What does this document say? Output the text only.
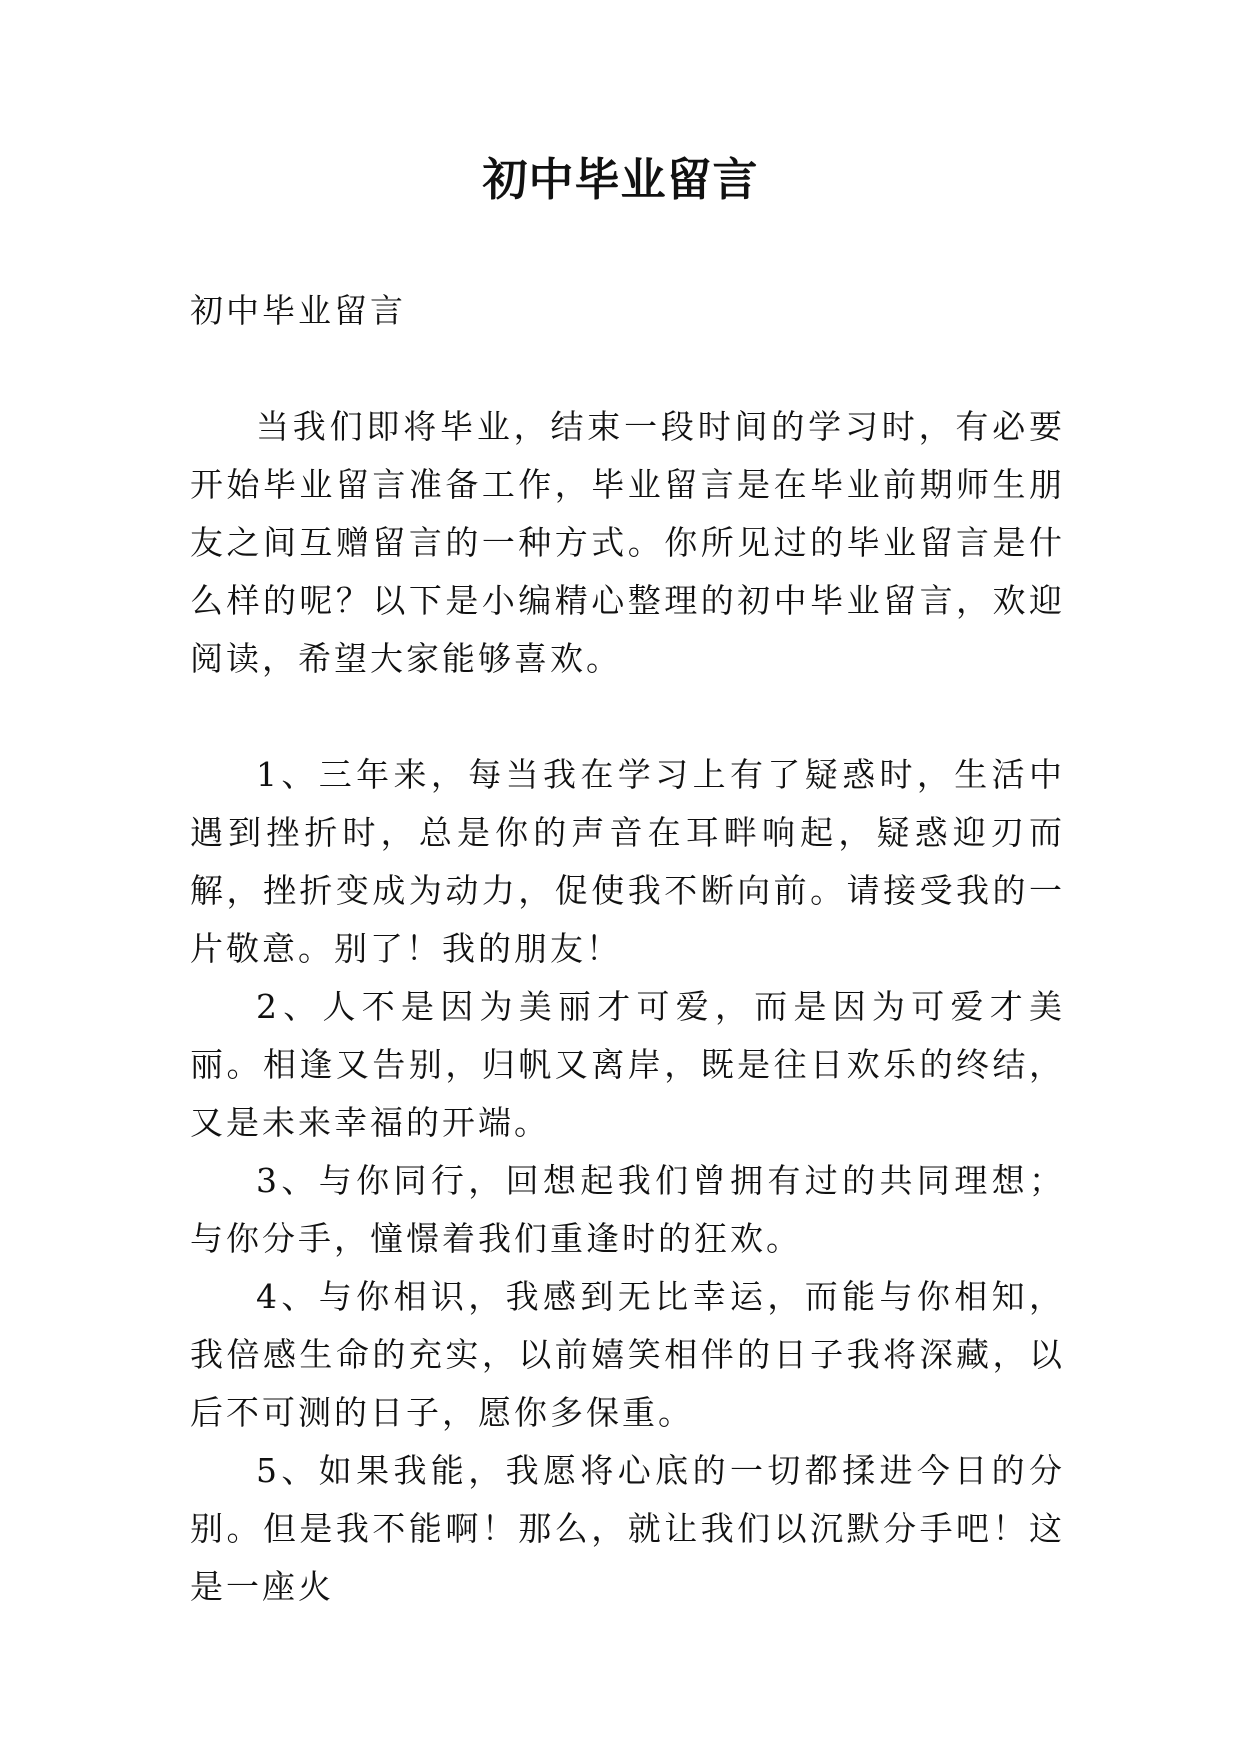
初中毕业留言

初中毕业留言

当我们即将毕业，结束一段时间的学习时，有必要开始毕业留言准备工作，毕业留言是在毕业前期师生朋友之间互赠留言的一种方式。你所见过的毕业留言是什么样的呢？以下是小编精心整理的初中毕业留言，欢迎阅读，希望大家能够喜欢。

1、三年来，每当我在学习上有了疑惑时，生活中遇到挫折时，总是你的声音在耳畔响起，疑惑迎刃而解，挫折变成为动力，促使我不断向前。请接受我的一片敬意。别了！我的朋友！

2、人不是因为美丽才可爱，而是因为可爱才美丽。相逢又告别，归帆又离岸，既是往日欢乐的终结，又是未来幸福的开端。

3、与你同行，回想起我们曾拥有过的共同理想；与你分手，憧憬着我们重逢时的狂欢。

4、与你相识，我感到无比幸运，而能与你相知，我倍感生命的充实，以前嬉笑相伴的日子我将深藏，以后不可测的日子，愿你多保重。

5、如果我能，我愿将心底的一切都揉进今日的分别。但是我不能啊！那么，就让我们以沉默分手吧！这是一座火
